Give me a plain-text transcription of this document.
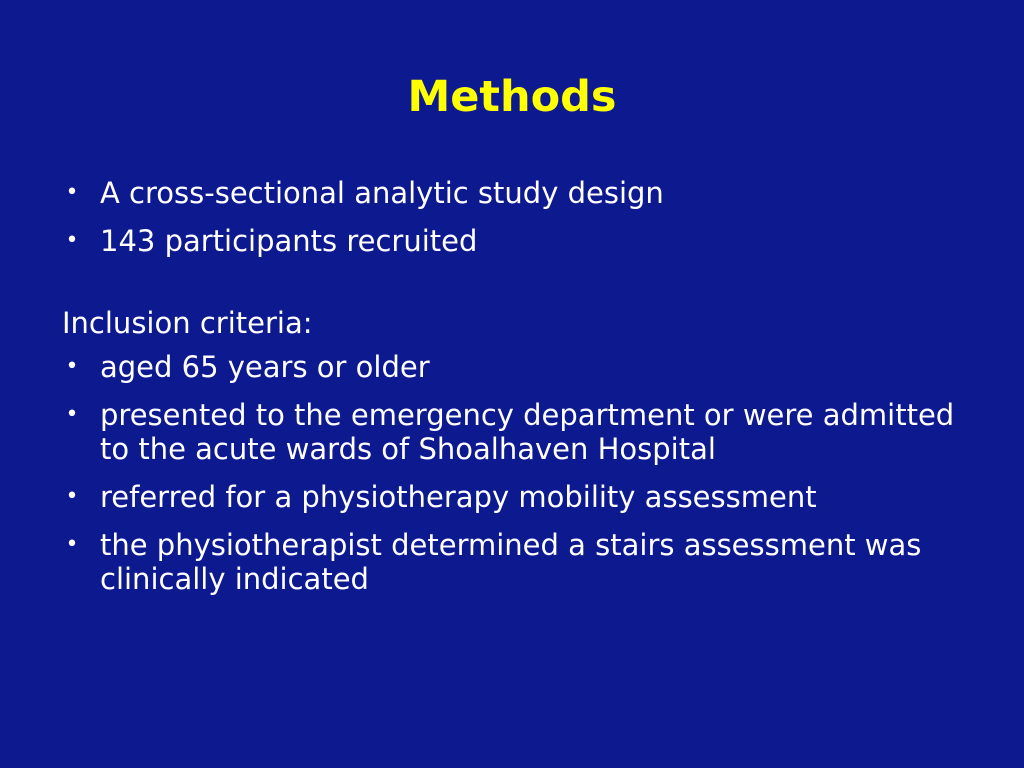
Methods
• A cross-sectional analytic study design
• 143 participants recruited

Inclusion criteria:

• aged 65 years or older
• presented to the emergency department or were admitted to the acute wards of Shoalhaven Hospital
• referred for a physiotherapy mobility assessment
• the physiotherapist determined a stairs assessment was clinically indicated
